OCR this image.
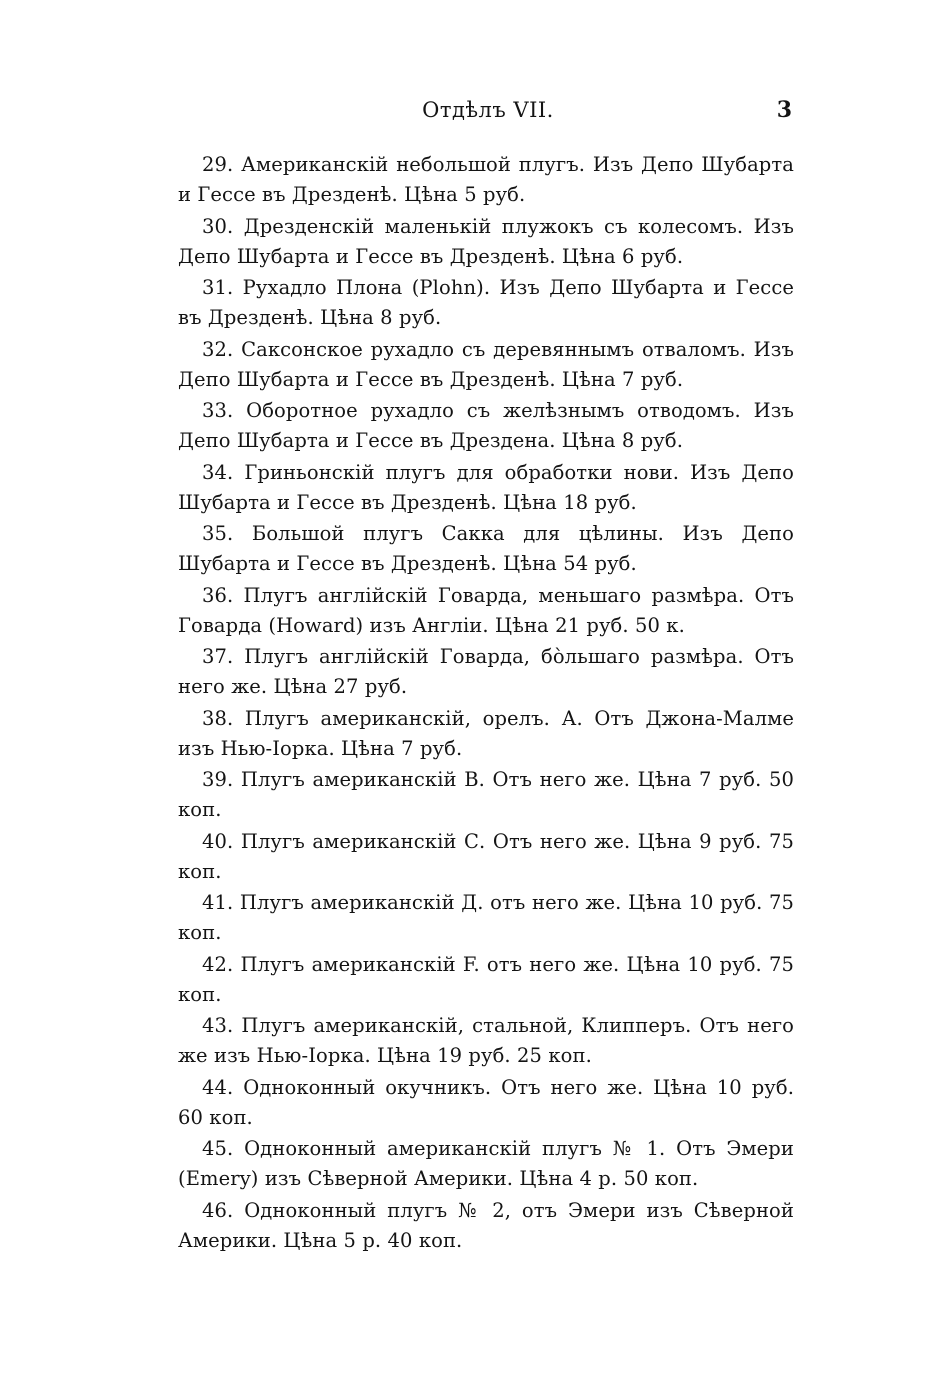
Отдѣлъ VII.	3
29. Американскій небольшой плугъ. Изъ Депо Шубарта и Гессе въ Дрезденѣ. Цѣна 5 руб.
30. Дрезденскій маленькій плужокъ съ колесомъ. Изъ Депо Шубарта и Гессе въ Дрезденѣ. Цѣна 6 руб.
31. Рухадло Плона (Plohn). Изъ Депо Шубарта и Гессе въ Дрезденѣ. Цѣна 8 руб.
32. Саксонское рухадло съ деревяннымъ отваломъ. Изъ Депо Шубарта и Гессе въ Дрезденѣ. Цѣна 7 руб.
33. Оборотное рухадло съ желѣзнымъ отводомъ. Изъ Депо Шубарта и Гессе въ Дрездена. Цѣна 8 руб.
34. Гриньонскій плугъ для обработки нови. Изъ Депо Шубарта и Гессе въ Дрезденѣ. Цѣна 18 руб.
35. Большой плугъ Сакка для цѣлины. Изъ Депо Шубарта и Гессе въ Дрезденѣ. Цѣна 54 руб.
36. Плугъ англійскій Говарда, меньшаго размѣра. Отъ Говарда (Howard) изъ Англіи. Цѣна 21 руб. 50 к.
37. Плугъ англійскій Говарда, бо̀льшаго размѣра. Отъ него же. Цѣна 27 руб.
38. Плугъ американскій, орелъ. А. Отъ Джона-Малме изъ Нью-Іорка. Цѣна 7 руб.
39. Плугъ американскій В. Отъ него же. Цѣна 7 руб. 50 коп.
40. Плугъ американскій С. Отъ него же. Цѣна 9 руб. 75 коп.
41. Плугъ американскій Д. отъ него же. Цѣна 10 руб. 75 коп.
42. Плугъ американскій F. отъ него же. Цѣна 10 руб. 75 коп.
43. Плугъ американскій, стальной, Клипперъ. Отъ него же изъ Нью-Іорка. Цѣна 19 руб. 25 коп.
44. Одноконный окучникъ. Отъ него же. Цѣна 10 руб. 60 коп.
45. Одноконный американскій плугъ № 1. Отъ Эмери (Emery) изъ Сѣверной Америки. Цѣна 4 р. 50 коп.
46. Одноконный плугъ № 2, отъ Эмери изъ Сѣверной Америки. Цѣна 5 р. 40 коп.
